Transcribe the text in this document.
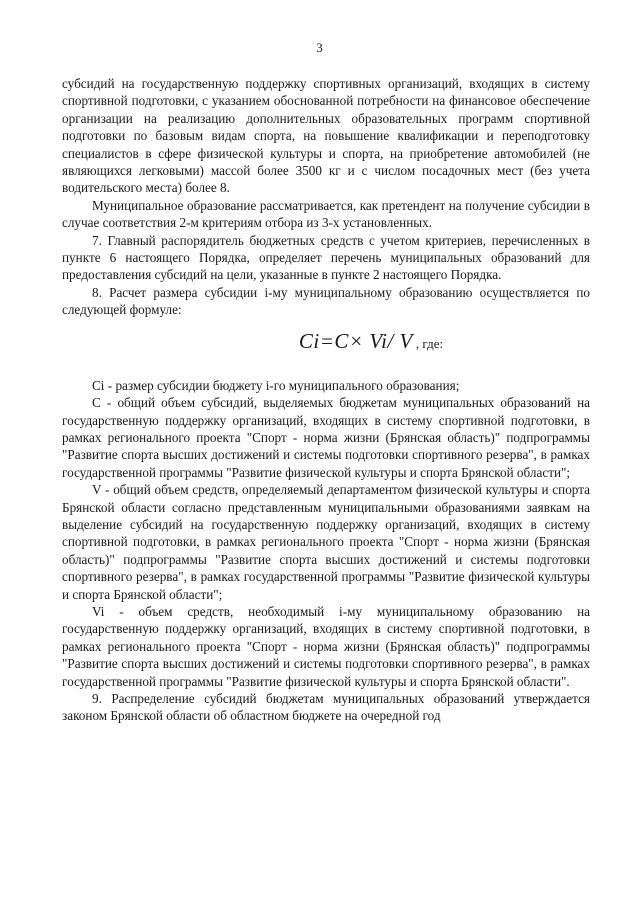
3

субсидий на государственную поддержку спортивных организаций, входящих в систему спортивной подготовки, с указанием обоснованной потребности на финансовое обеспечение организации на реализацию дополнительных образовательных программ спортивной подготовки по базовым видам спорта, на повышение квалификации и переподготовку специалистов в сфере физической культуры и спорта, на приобретение автомобилей (не являющихся легковыми) массой более 3500 кг и с числом посадочных мест (без учета водительского места) более 8.

Муниципальное образование рассматривается, как претендент на получение субсидии в случае соответствия 2-м критериям отбора из 3-х установленных.

7. Главный распорядитель бюджетных средств с учетом критериев, перечисленных в пункте 6 настоящего Порядка, определяет перечень муниципальных образований для предоставления субсидий на цели, указанные в пункте 2 настоящего Порядка.

8. Расчет размера субсидии i-му муниципальному образованию осуществляется по следующей формуле:

Ci=C× Vi/ V , где:

Ci - размер субсидии бюджету i-го муниципального образования;

С - общий объем субсидий, выделяемых бюджетам муниципальных образований на государственную поддержку организаций, входящих в систему спортивной подготовки, в рамках регионального проекта "Спорт - норма жизни (Брянская область)" подпрограммы "Развитие спорта высших достижений и системы подготовки спортивного резерва", в рамках государственной программы "Развитие физической культуры и спорта Брянской области";

V - общий объем средств, определяемый департаментом физической культуры и спорта Брянской области согласно представленным муниципальными образованиями заявкам на выделение субсидий на государственную поддержку организаций, входящих в систему спортивной подготовки, в рамках регионального проекта "Спорт - норма жизни (Брянская область)" подпрограммы "Развитие спорта высших достижений и системы подготовки спортивного резерва", в рамках государственной программы "Развитие физической культуры и спорта Брянской области";

Vi - объем средств, необходимый i-му муниципальному образованию на государственную поддержку организаций, входящих в систему спортивной подготовки, в рамках регионального проекта "Спорт - норма жизни (Брянская область)" подпрограммы "Развитие спорта высших достижений и системы подготовки спортивного резерва", в рамках государственной программы "Развитие физической культуры и спорта Брянской области".

9. Распределение субсидий бюджетам муниципальных образований утверждается законом Брянской области об областном бюджете на очередной год
